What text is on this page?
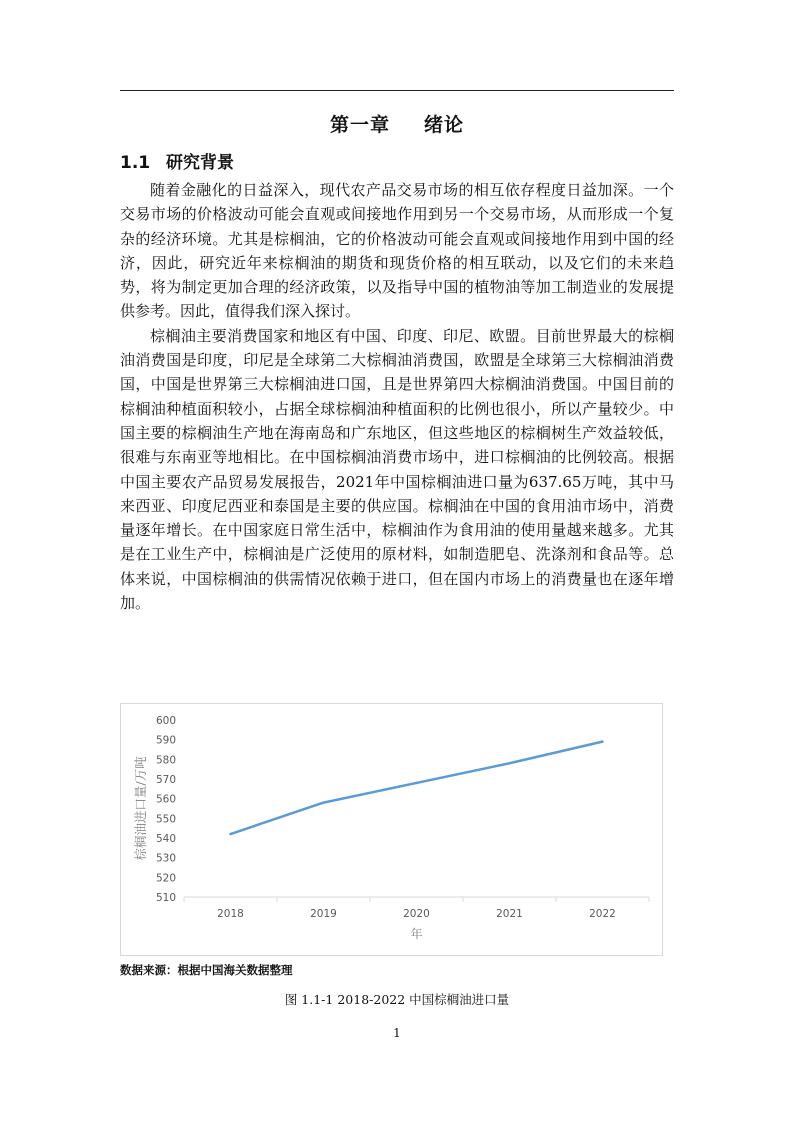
第一章 绪论
1.1 研究背景

随着金融化的日益深入，现代农产品交易市场的相互依存程度日益加深。一个交易市场的价格波动可能会直观或间接地作用到另一个交易市场，从而形成一个复杂的经济环境。尤其是棕榈油，它的价格波动可能会直观或间接地作用到中国的经济，因此，研究近年来棕榈油的期货和现货价格的相互联动，以及它们的未来趋势，将为制定更加合理的经济政策，以及指导中国的植物油等加工制造业的发展提供参考。因此，值得我们深入探讨。

棕榈油主要消费国家和地区有中国、印度、印尼、欧盟。目前世界最大的棕榈油消费国是印度，印尼是全球第二大棕榈油消费国，欧盟是全球第三大棕榈油消费国，中国是世界第三大棕榈油进口国，且是世界第四大棕榈油消费国。中国目前的棕榈油种植面积较小，占据全球棕榈油种植面积的比例也很小，所以产量较少。中国主要的棕榈油生产地在海南岛和广东地区，但这些地区的棕榈树生产效益较低，很难与东南亚等地相比。在中国棕榈油消费市场中，进口棕榈油的比例较高。根据中国主要农产品贸易发展报告，2021年中国棕榈油进口量为637.65万吨，其中马来西亚、印度尼西亚和泰国是主要的供应国。棕榈油在中国的食用油市场中，消费量逐年增长。在中国家庭日常生活中，棕榈油作为食用油的使用量越来越多。尤其是在工业生产中，棕榈油是广泛使用的原材料，如制造肥皂、洗涤剂和食品等。总体来说，中国棕榈油的供需情况依赖于进口，但在国内市场上的消费量也在逐年增加。

600
590
580
570
560
550
540
530
520
510
2018	2019	2020	2021	2022
年
棕榈油进口量/万吨
数据来源：根据中国海关数据整理
图 1.1-1 2018-2022 中国棕榈油进口量
1
